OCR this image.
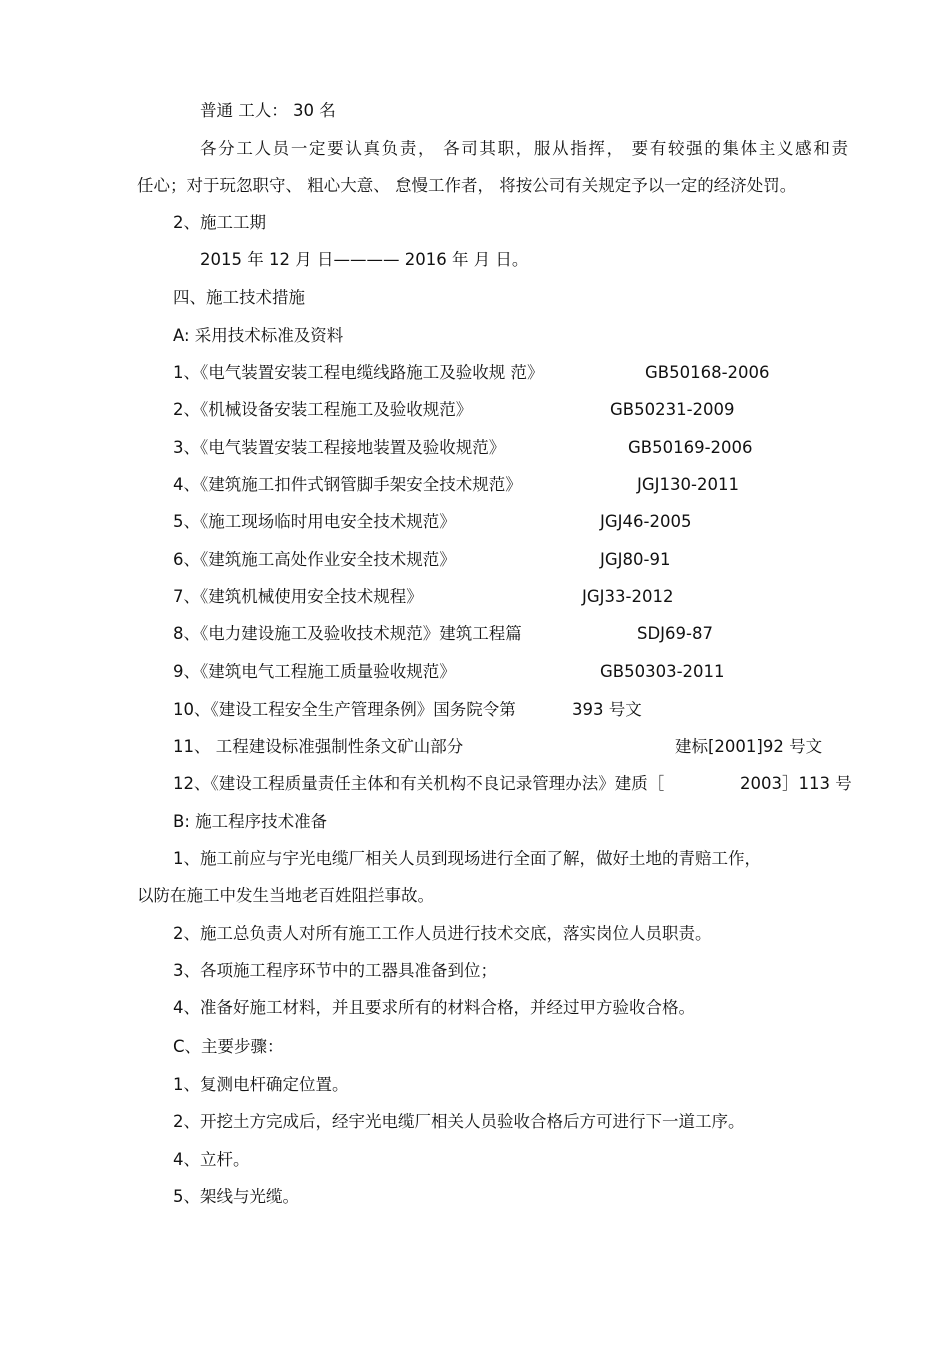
普通 工人： 30 名
各分工人员一定要认真负责， 各司其职，服从指挥， 要有较强的集体主义感和责
任心；对于玩忽职守、 粗心大意、 怠慢工作者， 将按公司有关规定予以一定的经济处罚。
2、施工工期
2015 年 12 月 日———— 2016 年 月 日。
四、施工技术措施
A: 采用技术标准及资料
1、《电气装置安装工程电缆线路施工及验收规 范》	GB50168-2006
2、《机械设备安装工程施工及验收规范》	GB50231-2009
3、《电气装置安装工程接地装置及验收规范》	GB50169-2006
4、《建筑施工扣件式钢管脚手架安全技术规范》	JGJ130-2011
5、《施工现场临时用电安全技术规范》	JGJ46-2005
6、《建筑施工高处作业安全技术规范》	JGJ80-91
7、《建筑机械使用安全技术规程》	JGJ33-2012
8、《电力建设施工及验收技术规范》建筑工程篇	SDJ69-87
9、《建筑电气工程施工质量验收规范》	GB50303-2011
10、《建设工程安全生产管理条例》国务院令第	393 号文
11、 工程建设标准强制性条文矿山部分	建标[2001]92 号文
12、《建设工程质量责任主体和有关机构不良记录管理办法》建质［	2003］113 号
B: 施工程序技术准备
1、施工前应与宇光电缆厂相关人员到现场进行全面了解，做好土地的青赔工作，
以防在施工中发生当地老百姓阻拦事故。
2、施工总负责人对所有施工工作人员进行技术交底，落实岗位人员职责。
3、各项施工程序环节中的工器具准备到位；
4、准备好施工材料，并且要求所有的材料合格，并经过甲方验收合格。
C、主要步骤：
1、复测电杆确定位置。
2、开挖土方完成后，经宇光电缆厂相关人员验收合格后方可进行下一道工序。
4、立杆。
5、架线与光缆。
